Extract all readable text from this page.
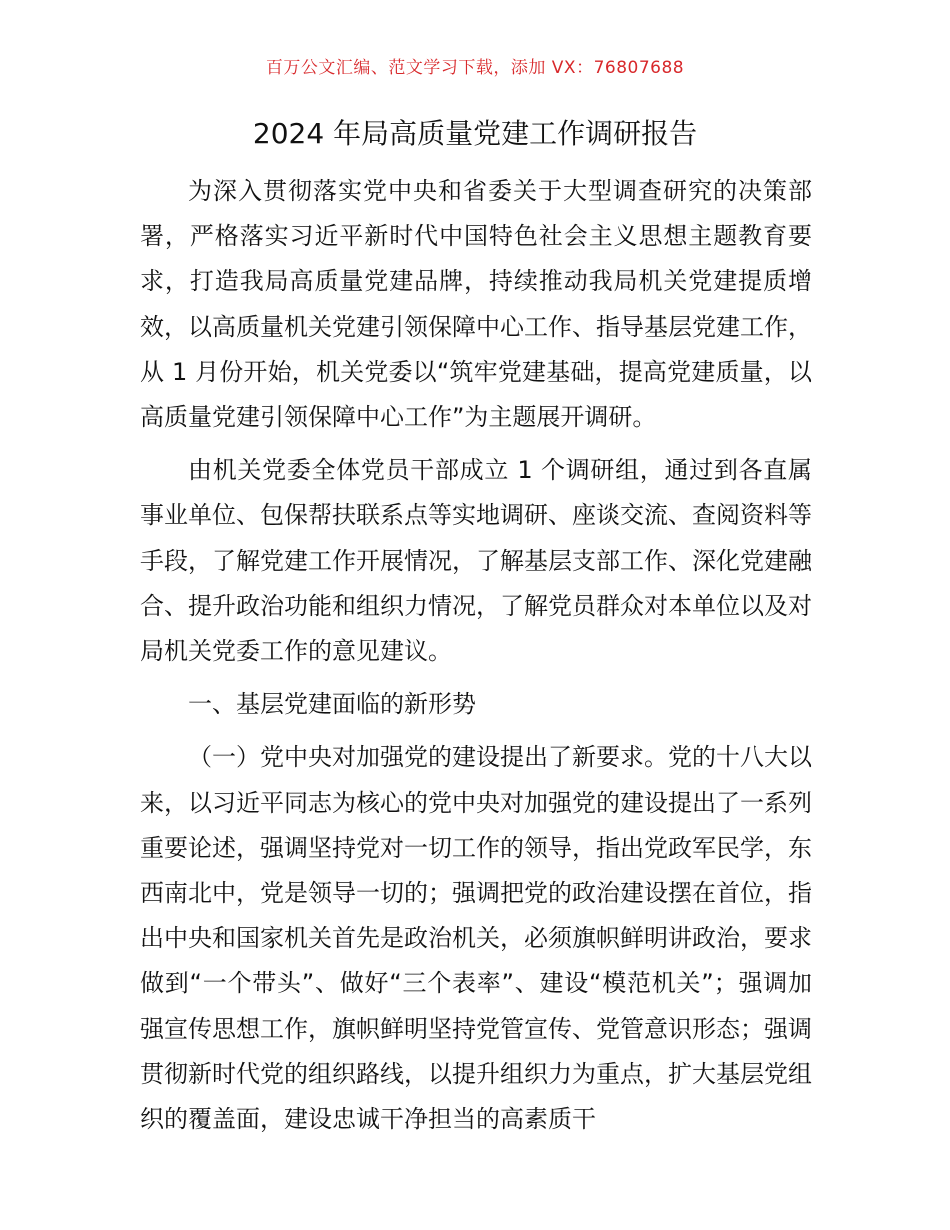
百万公文汇编、范文学习下载，添加 VX：76807688
2024 年局高质量党建工作调研报告

为深入贯彻落实党中央和省委关于大型调查研究的决策部署，严格落实习近平新时代中国特色社会主义思想主题教育要求，打造我局高质量党建品牌，持续推动我局机关党建提质增效，以高质量机关党建引领保障中心工作、指导基层党建工作，从 1 月份开始，机关党委以“筑牢党建基础，提高党建质量，以高质量党建引领保障中心工作”为主题展开调研。

由机关党委全体党员干部成立 1 个调研组，通过到各直属事业单位、包保帮扶联系点等实地调研、座谈交流、查阅资料等手段，了解党建工作开展情况，了解基层支部工作、深化党建融合、提升政治功能和组织力情况，了解党员群众对本单位以及对局机关党委工作的意见建议。

一、基层党建面临的新形势

（一）党中央对加强党的建设提出了新要求。党的十八大以来，以习近平同志为核心的党中央对加强党的建设提出了一系列重要论述，强调坚持党对一切工作的领导，指出党政军民学，东西南北中，党是领导一切的；强调把党的政治建设摆在首位，指出中央和国家机关首先是政治机关，必须旗帜鲜明讲政治，要求做到“一个带头”、做好“三个表率”、建设“模范机关”；强调加强宣传思想工作，旗帜鲜明坚持党管宣传、党管意识形态；强调贯彻新时代党的组织路线，以提升组织力为重点，扩大基层党组织的覆盖面，建设忠诚干净担当的高素质干
